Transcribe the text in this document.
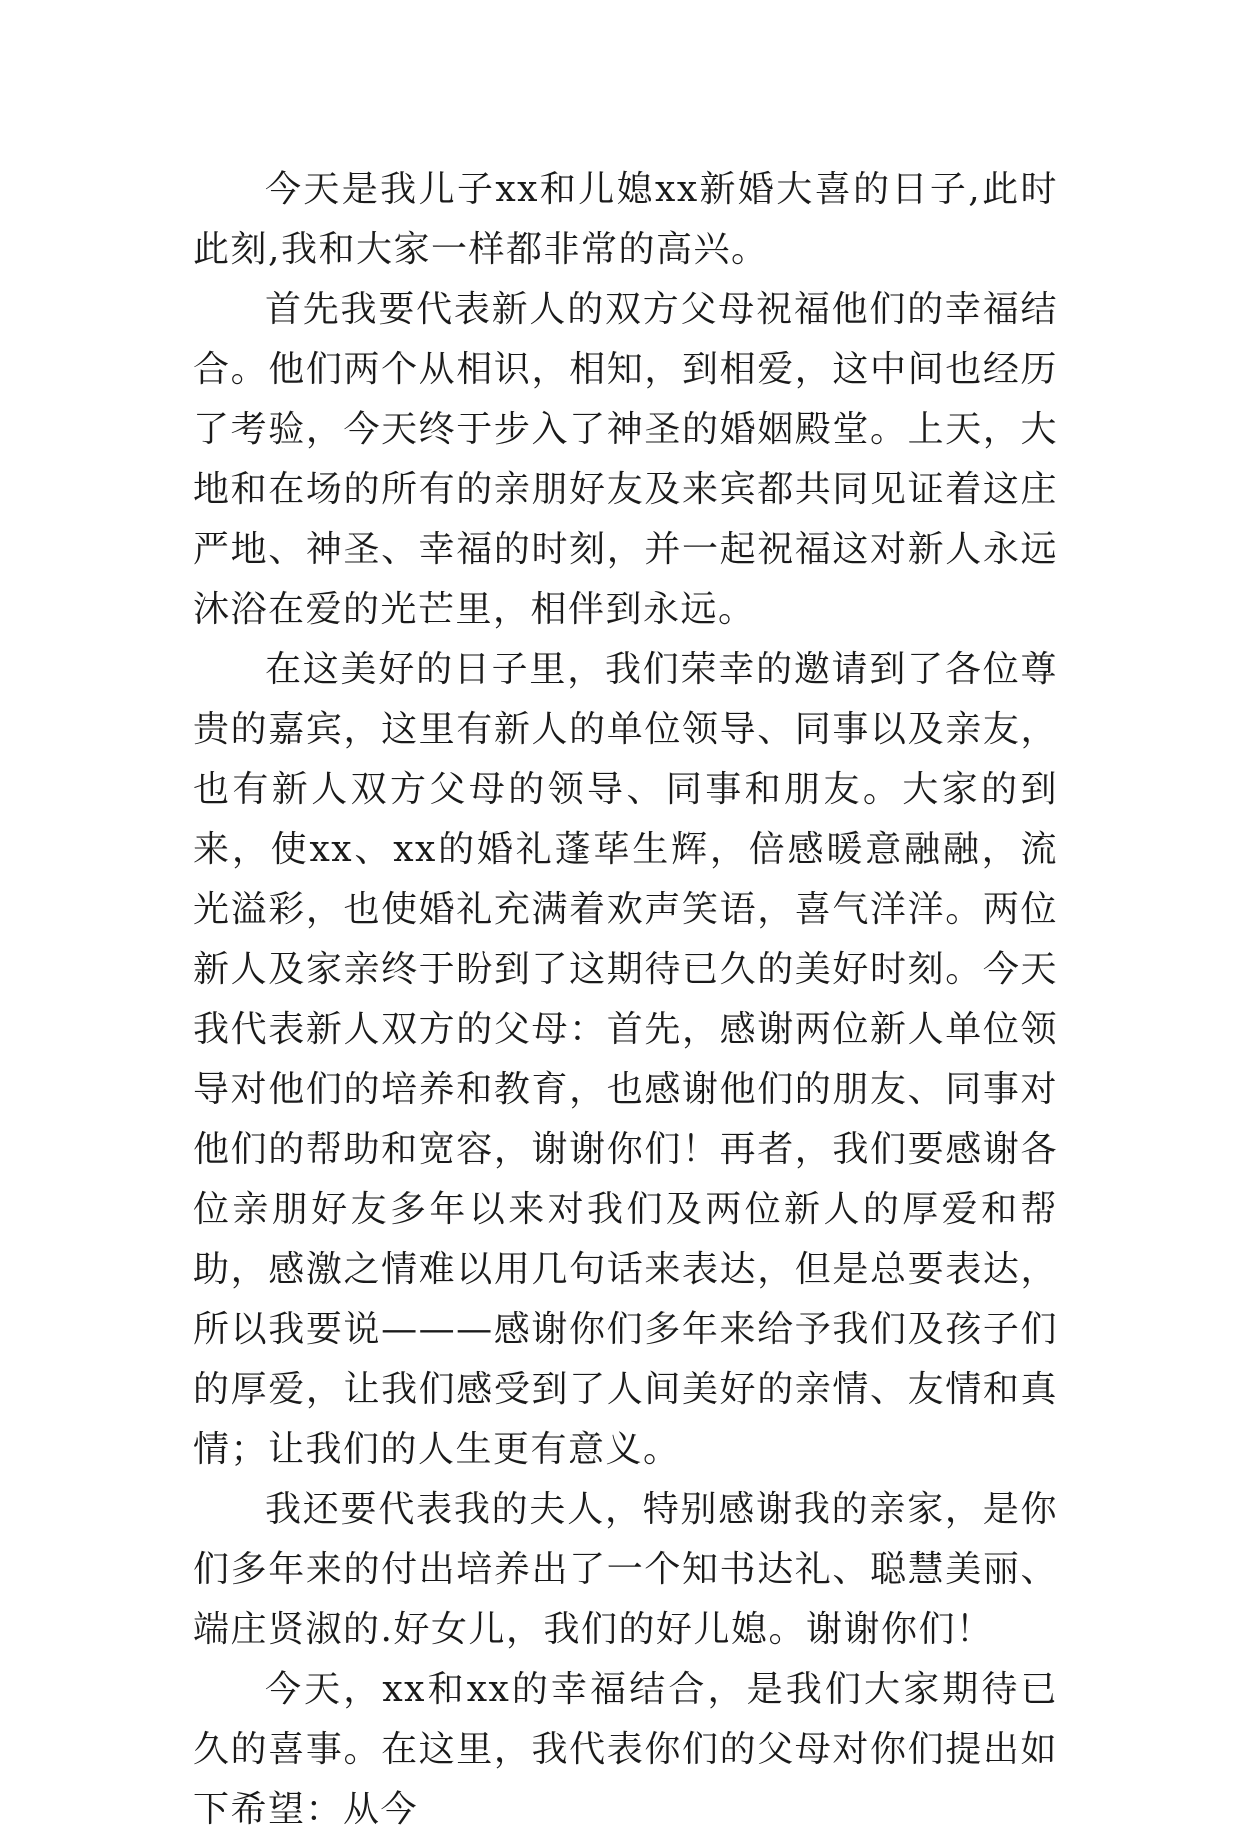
今天是我儿子xx和儿媳xx新婚大喜的日子,此时此刻,我和大家一样都非常的高兴。

首先我要代表新人的双方父母祝福他们的幸福结合。他们两个从相识，相知，到相爱，这中间也经历了考验，今天终于步入了神圣的婚姻殿堂。上天，大地和在场的所有的亲朋好友及来宾都共同见证着这庄严地、神圣、幸福的时刻，并一起祝福这对新人永远沐浴在爱的光芒里，相伴到永远。

在这美好的日子里，我们荣幸的邀请到了各位尊贵的嘉宾，这里有新人的单位领导、同事以及亲友，也有新人双方父母的领导、同事和朋友。大家的到来，使xx、xx的婚礼蓬荜生辉，倍感暖意融融，流光溢彩，也使婚礼充满着欢声笑语，喜气洋洋。两位新人及家亲终于盼到了这期待已久的美好时刻。今天我代表新人双方的父母：首先，感谢两位新人单位领导对他们的培养和教育，也感谢他们的朋友、同事对他们的帮助和宽容，谢谢你们！再者，我们要感谢各位亲朋好友多年以来对我们及两位新人的厚爱和帮助，感激之情难以用几句话来表达，但是总要表达，所以我要说———感谢你们多年来给予我们及孩子们的厚爱，让我们感受到了人间美好的亲情、友情和真情；让我们的人生更有意义。

我还要代表我的夫人，特别感谢我的亲家，是你们多年来的付出培养出了一个知书达礼、聪慧美丽、端庄贤淑的.好女儿，我们的好儿媳。谢谢你们！

今天，xx和xx的幸福结合，是我们大家期待已久的喜事。在这里，我代表你们的父母对你们提出如下希望：从今
